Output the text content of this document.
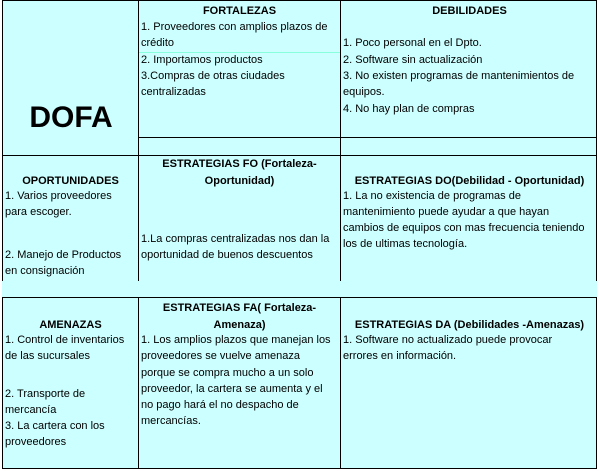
DOFA
FORTALEZAS
1. Proveedores con amplios plazos de
crédito
2. Importamos productos
3.Compras de otras ciudades
centralizadas
DEBILIDADES
1. Poco personal en el Dpto.
2. Software sin actualización
3. No existen programas de mantenimientos de
equipos.
4. No hay plan de compras
OPORTUNIDADES
1. Varios proveedores
para escoger.
2. Manejo de Productos
en consignación
ESTRATEGIAS FO (Fortaleza-
Oportunidad)
1.La compras centralizadas nos dan la
oportunidad de buenos descuentos
ESTRATEGIAS DO(Debilidad - Oportunidad)
1. La no existencia de programas de
mantenimiento puede ayudar a que hayan
cambios de equipos con mas frecuencia teniendo
los de ultimas tecnología.
AMENAZAS
1. Control de inventarios
de las sucursales
2. Transporte de
mercancía
3. La cartera con los
proveedores
ESTRATEGIAS FA( Fortaleza-
Amenaza)
1. Los amplios plazos que manejan los
proveedores se vuelve amenaza
porque se compra mucho a un solo
proveedor, la cartera se aumenta y el
no pago hará el no despacho de
mercancías.
ESTRATEGIAS DA (Debilidades -Amenazas)
1. Software no actualizado puede provocar
errores en información.
